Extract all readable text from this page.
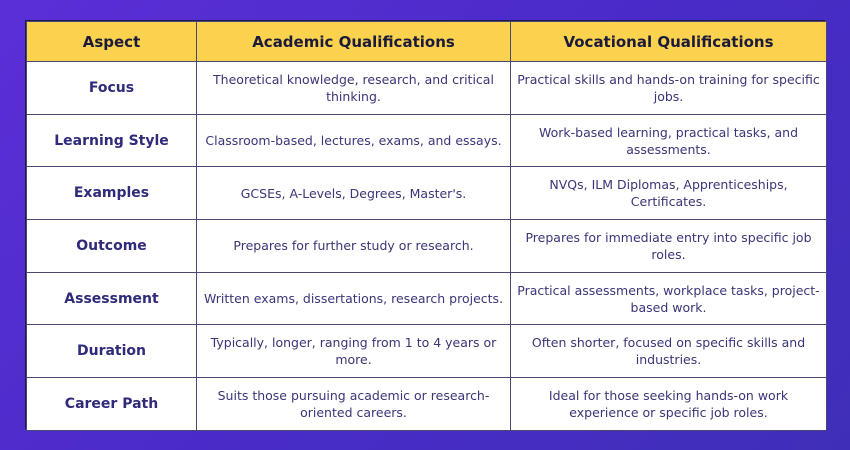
Aspect	Academic Qualifications	Vocational Qualifications
Focus	Theoretical knowledge, research, and critical thinking.	Practical skills and hands-on training for specific jobs.
Learning Style	Classroom-based, lectures, exams, and essays.	Work-based learning, practical tasks, and assessments.
Examples	GCSEs, A-Levels, Degrees, Master's.	NVQs, ILM Diplomas, Apprenticeships, Certificates.
Outcome	Prepares for further study or research.	Prepares for immediate entry into specific job roles.
Assessment	Written exams, dissertations, research projects.	Practical assessments, workplace tasks, project-based work.
Duration	Typically, longer, ranging from 1 to 4 years or more.	Often shorter, focused on specific skills and industries.
Career Path	Suits those pursuing academic or research-oriented careers.	Ideal for those seeking hands-on work experience or specific job roles.
